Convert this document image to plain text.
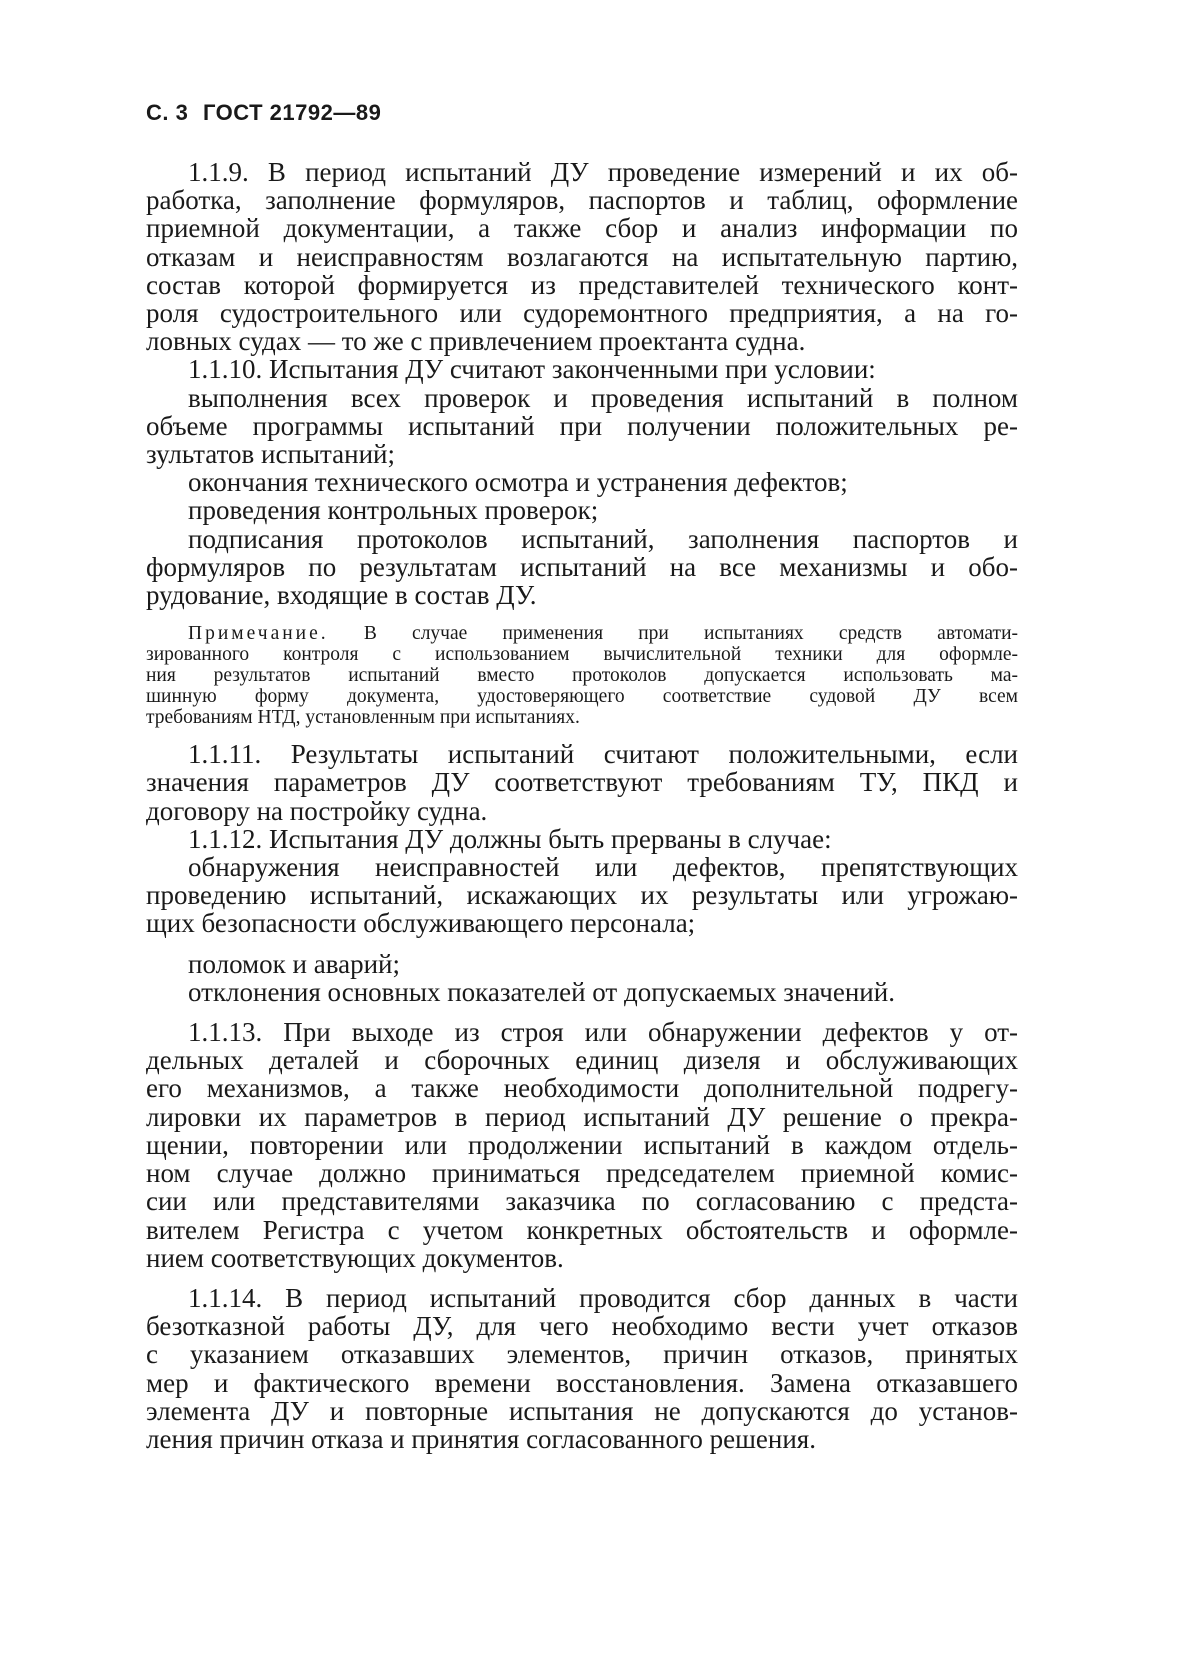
С. 3 ГОСТ 21792—89
1.1.9. В период испытаний ДУ проведение измерений и их об-
работка, заполнение формуляров, паспортов и таблиц, оформление
приемной документации, а также сбор и анализ информации по
отказам и неисправностям возлагаются на испытательную партию,
состав которой формируется из представителей технического конт-
роля судостроительного или судоремонтного предприятия, а на го-
ловных судах — то же с привлечением проектанта судна.
1.1.10. Испытания ДУ считают законченными при условии:
выполнения всех проверок и проведения испытаний в полном
объеме программы испытаний при получении положительных ре-
зультатов испытаний;
окончания технического осмотра и устранения дефектов;
проведения контрольных проверок;
подписания протоколов испытаний, заполнения паспортов и
формуляров по результатам испытаний на все механизмы и обо-
рудование, входящие в состав ДУ.
Примечание. В случае применения при испытаниях средств автомати-
зированного контроля с использованием вычислительной техники для оформле-
ния результатов испытаний вместо протоколов допускается использовать ма-
шинную форму документа, удостоверяющего соответствие судовой ДУ всем
требованиям НТД, установленным при испытаниях.
1.1.11. Результаты испытаний считают положительными, если
значения параметров ДУ соответствуют требованиям ТУ, ПКД и
договору на постройку судна.
1.1.12. Испытания ДУ должны быть прерваны в случае:
обнаружения неисправностей или дефектов, препятствующих
проведению испытаний, искажающих их результаты или угрожаю-
щих безопасности обслуживающего персонала;
поломок и аварий;
отклонения основных показателей от допускаемых значений.
1.1.13. При выходе из строя или обнаружении дефектов у от-
дельных деталей и сборочных единиц дизеля и обслуживающих
его механизмов, а также необходимости дополнительной подрегу-
лировки их параметров в период испытаний ДУ решение о прекра-
щении, повторении или продолжении испытаний в каждом отдель-
ном случае должно приниматься председателем приемной комис-
сии или представителями заказчика по согласованию с предста-
вителем Регистра с учетом конкретных обстоятельств и оформле-
нием соответствующих документов.
1.1.14. В период испытаний проводится сбор данных в части
безотказной работы ДУ, для чего необходимо вести учет отказов
с указанием отказавших элементов, причин отказов, принятых
мер и фактического времени восстановления. Замена отказавшего
элемента ДУ и повторные испытания не допускаются до установ-
ления причин отказа и принятия согласованного решения.
